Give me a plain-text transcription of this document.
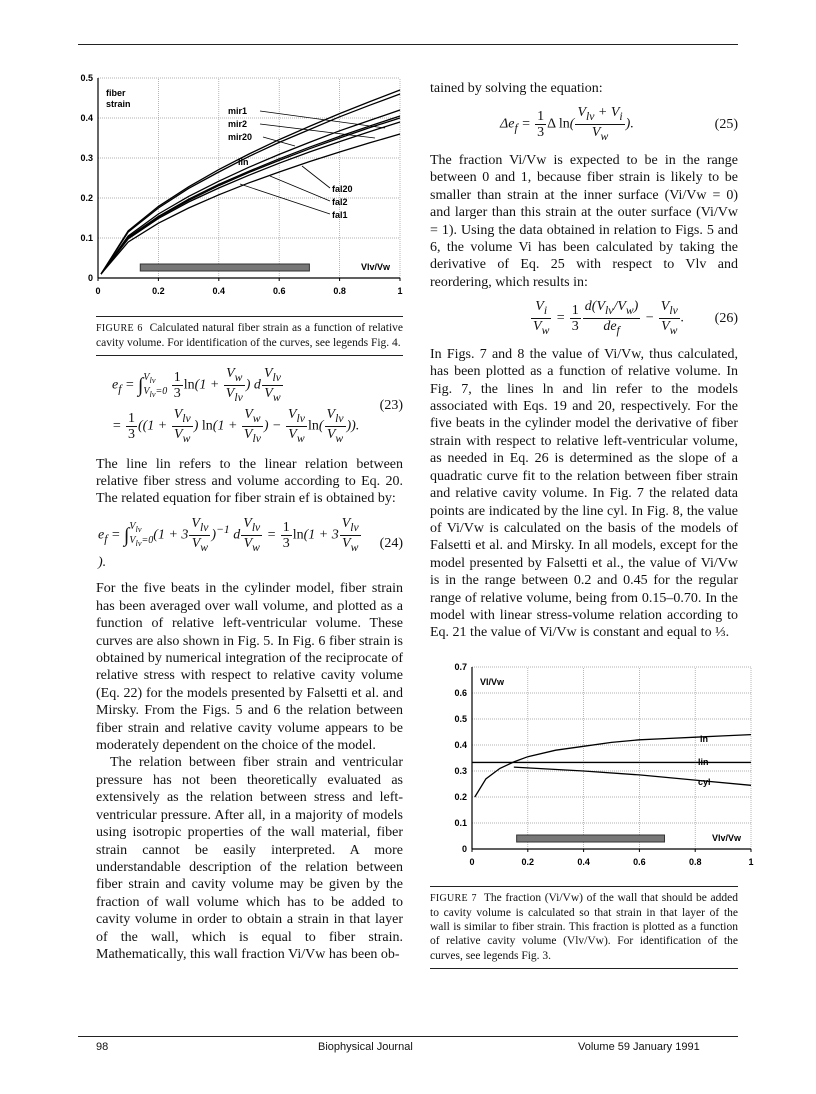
0	0.2	0.4	0.6	0.8	1
0
0.1
0.2
0.3
0.4
0.5
Vlv/Vw
fiber
strain
mir1
mir2
mir20
lin
fal20
fal2
fal1
FIGURE 6 Calculated natural fiber strain as a function of relative cavity volume. For identification of the curves, see legends Fig. 4.
$e_f$ = ∫ $V_{lv}$
$V_{lv}=0$
$\frac{1}{3} \ln(1 + \frac{V_w}{V_{lv}}$ ) d $\frac{V_{lv}}{V_w}$
= $\frac{1}{3} ((1 + \frac{V_{lv}}{V_w}$ ) $\ln(1 + \frac{V_w}{V_{lv}}$ ) − $\frac{V_{lv}}{V_w} \ln( \frac{V_{lv}}{V_w}$ )).
(23)

The line lin refers to the linear relation between relative fiber stress and volume according to Eq. 20. The related equation for fiber strain ef is obtained by:

$e_f$ = ∫ $V_{lv}$
$V_{lv}=0$ $(1 + 3 \frac{V_{lv}}{V_w} )^{-1}$ d $\frac{V_{lv}}{V_w} = \frac{1}{3} \ln(1 + 3 \frac{V_{lv}}{V_w}$
).
(24)

For the five beats in the cylinder model, fiber strain has been averaged over wall volume, and plotted as a function of relative left-ventricular volume. These curves are also shown in Fig. 5. In Fig. 6 fiber strain is obtained by numerical integration of the reciprocate of relative stress with respect to relative cavity volume (Eq. 22) for the models presented by Falsetti et al. and Mirsky. From the Figs. 5 and 6 the relation between fiber strain and relative cavity volume appears to be moderately dependent on the choice of the model.

The relation between fiber strain and ventricular pressure has not been theoretically evaluated as extensively as the relation between stress and left-ventricular pressure. After all, in a majority of models using isotropic properties of the wall material, fiber strain cannot be easily interpreted. A more understandable description of the relation between fiber strain and cavity volume may be given by the fraction of wall volume which has to be added to cavity volume in order to obtain a strain in that layer of the wall, which is equal to fiber strain. Mathematically, this wall fraction Vi/Vw has been ob-

tained by solving the equation:

$\Delta e_f = \frac{1}{3}$ Δ $\ln( \frac{V_{lv} + V_i}{V_w}$ ).	(25)

The fraction Vi/Vw is expected to be in the range between 0 and 1, because fiber strain is likely to be smaller than strain at the inner surface (Vi/Vw = 0) and larger than this strain at the outer surface (Vi/Vw = 1). Using the data obtained in relation to Figs. 5 and 6, the volume Vi has been calculated by taking the derivative of Eq. 25 with respect to Vlv and reordering, which results in:

$\frac{V_i}{V_w} = \frac{1}{3} \frac{d(V_{lv}/V_w)}{de_f} - \frac{V_{lv}}{V_w}$ .	(26)

In Figs. 7 and 8 the value of Vi/Vw, thus calculated, has been plotted as a function of relative volume. In Fig. 7, the lines ln and lin refer to the models associated with Eqs. 19 and 20, respectively. For the five beats in the cylinder model the derivative of fiber strain with respect to relative left-ventricular volume, as needed in Eq. 26 is determined as the slope of a quadratic curve fit to the relation between fiber strain and relative cavity volume. In Fig. 7 the related data points are indicated by the line cyl. In Fig. 8, the value of Vi/Vw is calculated on the basis of the models of Falsetti et al. and Mirsky. In all models, except for the model presented by Falsetti et al., the value of Vi/Vw is in the range between 0.2 and 0.45 for the regular range of relative volume, being from 0.15–0.70. In the model with linear stress-volume relation according to Eq. 21 the value of Vi/Vw is constant and equal to ⅓.

0	0.2	0.4	0.6	0.8	1
0
0.1
0.2
0.3
0.4
0.5
0.6
0.7
Vlv/Vw
Vl/Vw
ln
lin
cyl
FIGURE 7 The fraction (Vi/Vw) of the wall that should be added to cavity volume is calculated so that strain in that layer of the wall is similar to fiber strain. This fraction is plotted as a function of relative cavity volume (Vlv/Vw). For identification of the curves, see legends Fig. 3.
98	Biophysical Journal	Volume 59 January 1991
